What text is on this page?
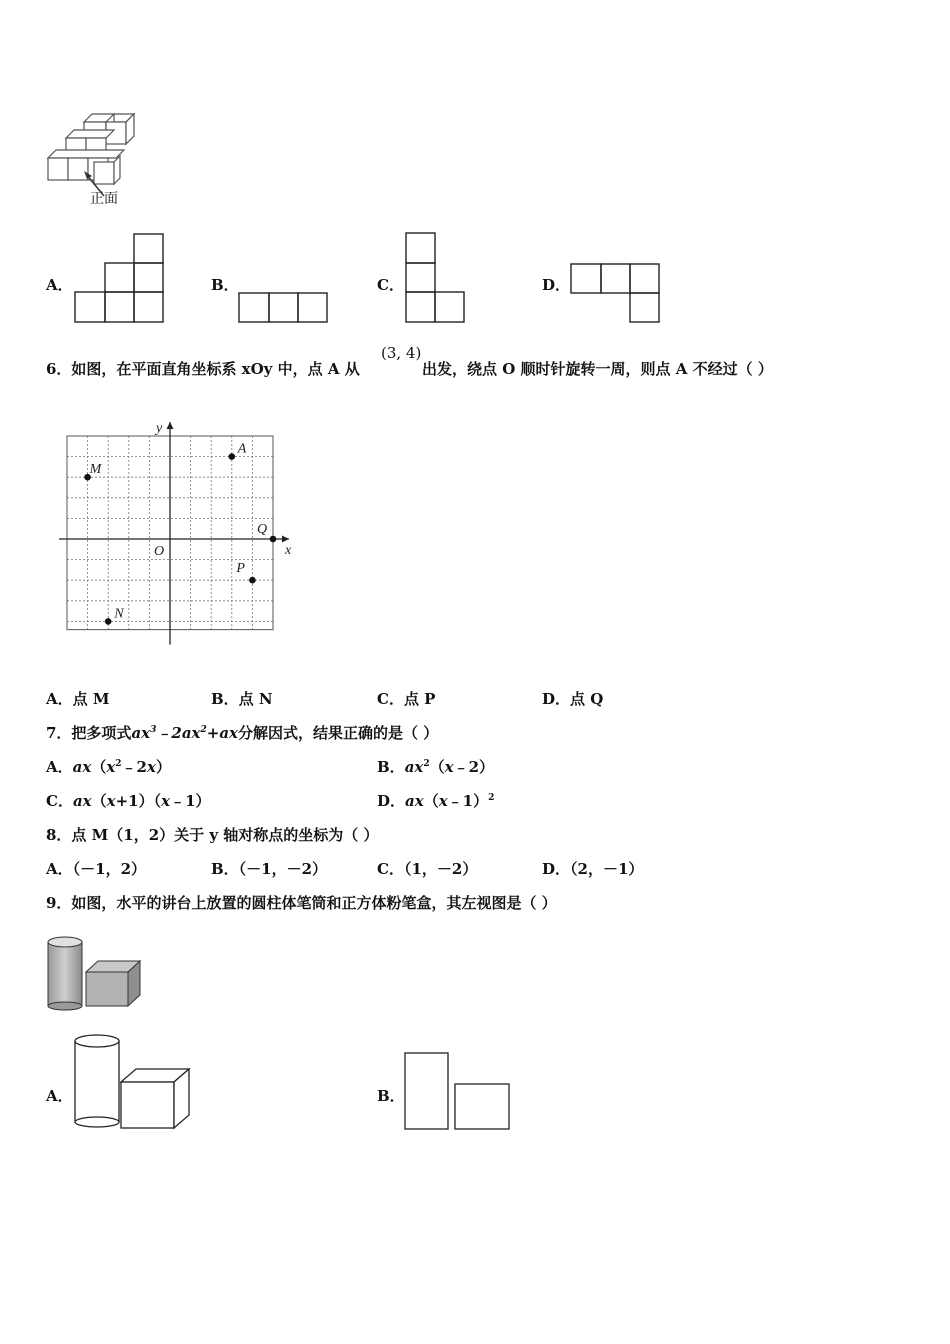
正面
A．	B．	C．	D．
6．如图，在平面直角坐标系 xOy 中，点 A 从
(3, 4)
出发，绕点 O 顺时针旋转一周，则点 A 不经过（ ）
x
y
O
A
M
Q
P
N
A．点 M	B．点 N	C．点 P	D．点 Q
7．把多项式$ax^3﹣2ax^2+ax$分解因式，结果正确的是（ ）
A．$ax(x^2﹣2x)$	B．$ax^2(x﹣2)$
C．ax（x+1）（x﹣1）	D．ax（x﹣1）$^2$
8．点 M（1，2）关于 y 轴对称点的坐标为（ ）
A．（－1，2）	B．（－1，－2）	C．（1，－2）	D．（2，－1）
9．如图，水平的讲台上放置的圆柱体笔筒和正方体粉笔盒，其左视图是（ ）
A．	B．
